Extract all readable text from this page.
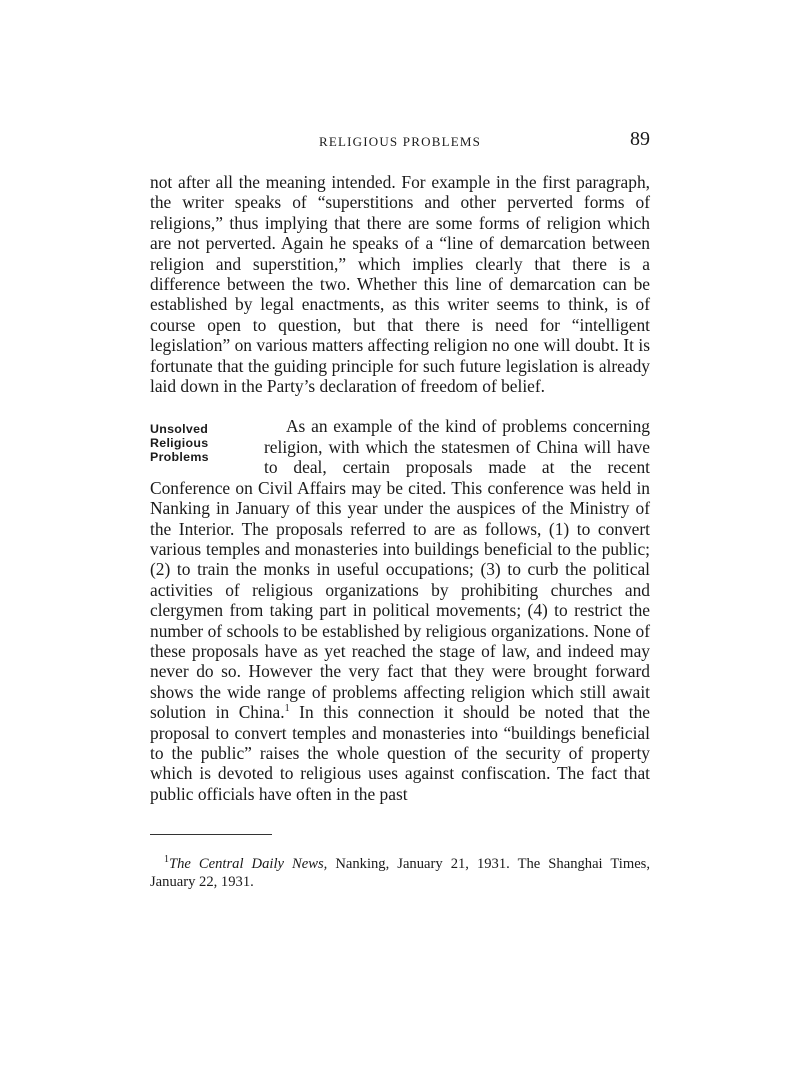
RELIGIOUS PROBLEMS	89

not after all the meaning intended. For example in the first paragraph, the writer speaks of “superstitions and other perverted forms of religions,” thus implying that there are some forms of religion which are not perverted. Again he speaks of a “line of demarcation between religion and superstition,” which implies clearly that there is a difference between the two. Whether this line of demarcation can be established by legal enactments, as this writer seems to think, is of course open to question, but that there is need for “intelligent legislation” on various matters affecting religion no one will doubt. It is fortunate that the guiding principle for such future legislation is already laid down in the Party’s declaration of freedom of belief.

Unsolved
Religious
Problems

As an example of the kind of problems concerning religion, with which the statesmen of China will have to deal, certain proposals made at the recent Conference on Civil Affairs may be cited. This conference was held in Nanking in January of this year under the auspices of the Ministry of the Interior. The proposals referred to are as follows, (1) to convert various temples and monasteries into buildings beneficial to the public; (2) to train the monks in useful occupations; (3) to curb the political activities of religious organizations by prohibiting churches and clergymen from taking part in political movements; (4) to restrict the number of schools to be established by religious organizations. None of these proposals have as yet reached the stage of law, and indeed may never do so. However the very fact that they were brought forward shows the wide range of problems affecting religion which still await solution in China.$^1$ In this connection it should be noted that the proposal to convert temples and monasteries into “buildings beneficial to the public” raises the whole question of the security of property which is devoted to religious uses against confiscation. The fact that public officials have often in the past

$^1$The Central Daily News, Nanking, January 21, 1931. The Shanghai Times, January 22, 1931.
